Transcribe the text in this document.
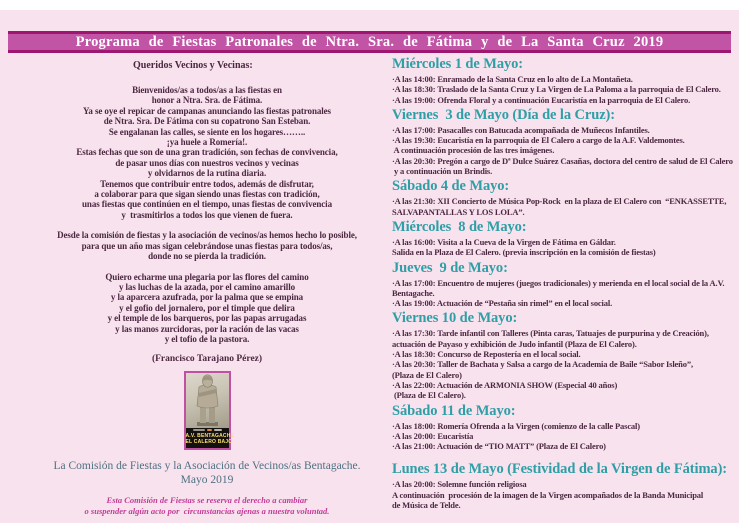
Programa de Fiestas Patronales de Ntra. Sra. de Fátima y de La Santa Cruz 2019
Queridos Vecinos y Vecinas:
Bienvenidos/as a todos/as a las fiestas en
honor a Ntra. Sra. de Fátima.
Ya se oye el repicar de campanas anunciando las fiestas patronales
de Ntra. Sra. De Fátima con su copatrono San Esteban.
Se engalanan las calles, se siente en los hogares……..
¡ya huele a Romería!.
Estas fechas que son de una gran tradición, son fechas de convivencia,
de pasar unos días con nuestros vecinos y vecinas
y olvidarnos de la rutina diaria.
Tenemos que contribuir entre todos, además de disfrutar,
a colaborar para que sigan siendo unas fiestas con tradición,
unas fiestas que continúen en el tiempo, unas fiestas de convivencia
y  trasmitirlos a todos los que vienen de fuera.
Desde la comisión de fiestas y la asociación de vecinos/as hemos hecho lo posible,
para que un año mas sigan celebrándose unas fiestas para todos/as,
donde no se pierda la tradición.
Quiero echarme una plegaria por las flores del camino
y las luchas de la azada, por el camino amarillo
y la aparcera azufrada, por la palma que se empina
y el gofio del jornalero, por el timple que delira
y el temple de los barqueros, por las papas arrugadas
y las manos zurcidoras, por la ración de las vacas
y el tofio de la pastora.
(Francisco Tarajano Pérez)
A.V. BENTAGACHE
EL CALERO BAJO
La Comisión de Fiestas y la Asociación de Vecinos/as Bentagache.
Mayo 2019
Esta Comisión de Fiestas se reserva el derecho a cambiar
o suspender algún acto por  circunstancias ajenas a nuestra voluntad.
Miércoles 1 de Mayo:
·A las 14:00: Enramado de la Santa Cruz en lo alto de La Montañeta.
·A las 18:30: Traslado de la Santa Cruz y La Virgen de La Paloma a la parroquia de El Calero.
·A las 19:00: Ofrenda Floral y a continuación Eucaristía en la parroquia de El Calero.
Viernes  3 de Mayo (Día de la Cruz):
·A las 17:00: Pasacalles con Batucada acompañada de Muñecos Infantiles.
·A las 19:30: Eucaristía en la parroquia de El Calero a cargo de la A.F. Valdemontes.
A continuación procesión de las tres imágenes.
·A las 20:30: Pregón a cargo de Dª Dulce Suárez Casañas, doctora del centro de salud de El Calero
y a continuación un Brindis.
Sábado 4 de Mayo:
·A las 21:30: XII Concierto de Música Pop-Rock  en la plaza de El Calero con  “ENKASSETTE,
SALVAPANTALLAS Y LOS LOLA”.
Miércoles  8 de Mayo:
·A las 16:00: Visita a la Cueva de la Virgen de Fátima en Gáldar.
Salida en la Plaza de El Calero. (previa inscripción en la comisión de fiestas)
Jueves  9 de Mayo:
·A las 17:00: Encuentro de mujeres (juegos tradicionales) y merienda en el local social de la A.V.
Bentagache.
·A las 19:00: Actuación de “Pestaña sin rimel” en el local social.
Viernes 10 de Mayo:
·A las 17:30: Tarde infantil con Talleres (Pinta caras, Tatuajes de purpurina y de Creación),
actuación de Payaso y exhibición de Judo infantil (Plaza de El Calero).
·A las 18:30: Concurso de Repostería en el local social.
·A las 20:30: Taller de Bachata y Salsa a cargo de la Academia de Baile “Sabor Isleño”,
(Plaza de El Calero)
·A las 22:00: Actuación de ARMONIA SHOW (Especial 40 años)
(Plaza de El Calero).
Sábado 11 de Mayo:
·A las 18:00: Romería Ofrenda a la Virgen (comienzo de la calle Pascal)
·A las 20:00: Eucaristía
·A las 21:00: Actuación de “TIO MATT” (Plaza de El Calero)
Lunes 13 de Mayo (Festividad de la Virgen de Fátima):
·A las 20:00: Solemne función religiosa
A continuación  procesión de la imagen de la Virgen acompañados de la Banda Municipal
de Música de Telde.
